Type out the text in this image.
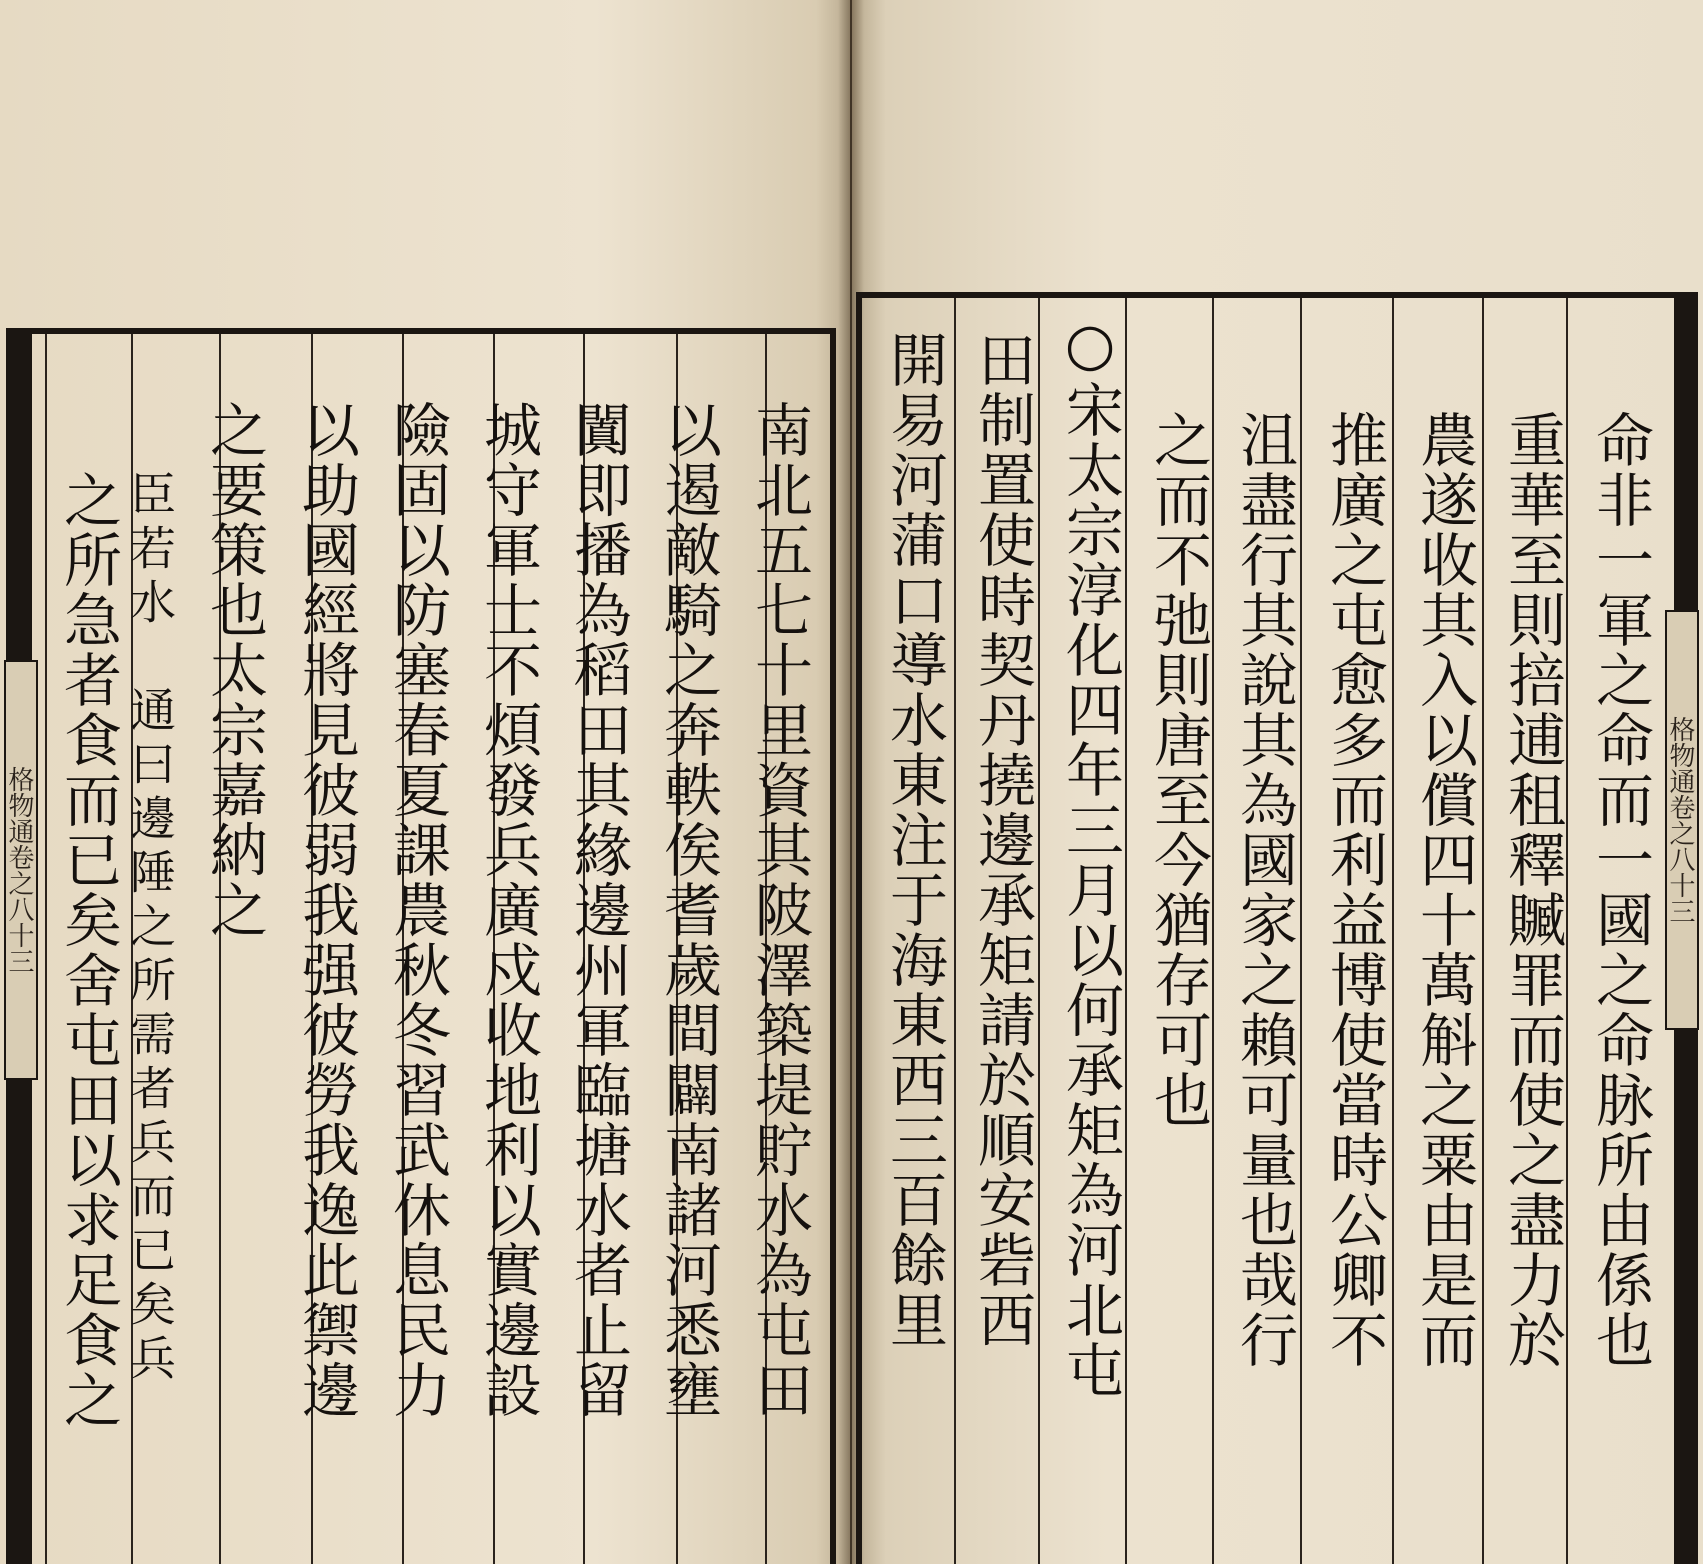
格物通卷之八十三	南北五七十里資其陂澤築堤貯水為屯田
以遏敵騎之奔軼俟耆歲間闢南諸河悉壅
闐即播為稻田其緣邊州軍臨塘水者止留
城守軍士不煩發兵廣戍收地利以實邊設
險固以防塞春夏課農秋冬習武休息民力
以助國經將見彼弱我强彼勞我逸此禦邊
之要策也太宗嘉納之
臣若水　通曰邊陲之所需者兵而已矣兵
之所急者食而已矣舍屯田以求足食之	格物通卷之八十三
命非一軍之命而一國之命脉所由係也
重華至則掊逋租釋贓罪而使之盡力於
農遂收其入以償四十萬斛之粟由是而
推廣之屯愈多而利益博使當時公卿不
沮盡行其說其為國家之賴可量也哉行
之而不弛則唐至今猶存可也
○宋太宗淳化四年三月以何承矩為河北屯
田制置使時契丹撓邊承矩請於順安砦西
開易河蒲口導水東注于海東西三百餘里
